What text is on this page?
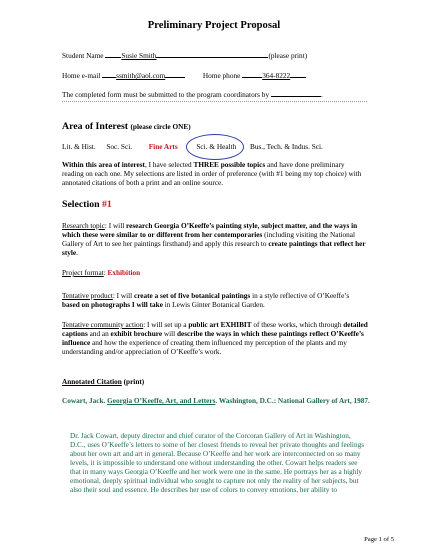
Preliminary Project Proposal
Student Name Susie Smith	(please print)
Home e-mail ssmith@aol.com	Home phone	364-8222
The completed form must be submitted to the program coordinators by	.
Area of Interest (please circle ONE)
Lit. & Hist. Soc. Sci. Fine Arts	Sci. & Health Bus., Tech. & Indus. Sci.
Within this area of interest, I have selected THREE possible topics and have done preliminary reading on each one. My selections are listed in order of preference (with #1 being my top choice) with annotated citations of both a print and an online source.
Selection #1
Research topic: I will research Georgia O’Keeffe’s painting style, subject matter, and the ways in which these were similar to or different from her contemporaries (including visiting the National Gallery of Art to see her paintings firsthand) and apply this research to create paintings that reflect her style.
Project format: Exhibition
Tentative product: I will create a set of five botanical paintings in a style reflective of O’Keeffe’s based on photographs I will take in Lewis Ginter Botanical Garden.
Tentative community action: I will set up a public art EXHIBIT of these works, which through detailed captions and an exhibit brochure will describe the ways in which these paintings reflect O’Keeffe’s influence and how the experience of creating them influenced my perception of the plants and my understanding and/or appreciation of O’Keeffe’s work.
Annotated Citation (print)
Cowart, Jack. Georgia O’Keeffe, Art, and Letters. Washington, D.C.: National Gallery of Art, 1987.
Dr. Jack Cowart, deputy director and chief curator of the Corcoran Gallery of Art in Washington, D.C., uses O’Keeffe’s letters to some of her closest friends to reveal her private thoughts and feelings about her own art and art in general. Because O’Keeffe and her work are interconnected on so many levels, it is impossible to understand one without understanding the other. Cowart helps readers see that in many ways Georgia O’Keeffe and her work were one in the same. He portrays her as a highly emotional, deeply spiritual individual who sought to capture not only the reality of her subjects, but also their soul and essence. He describes her use of colors to convey emotions, her ability to
Page 1 of 5
